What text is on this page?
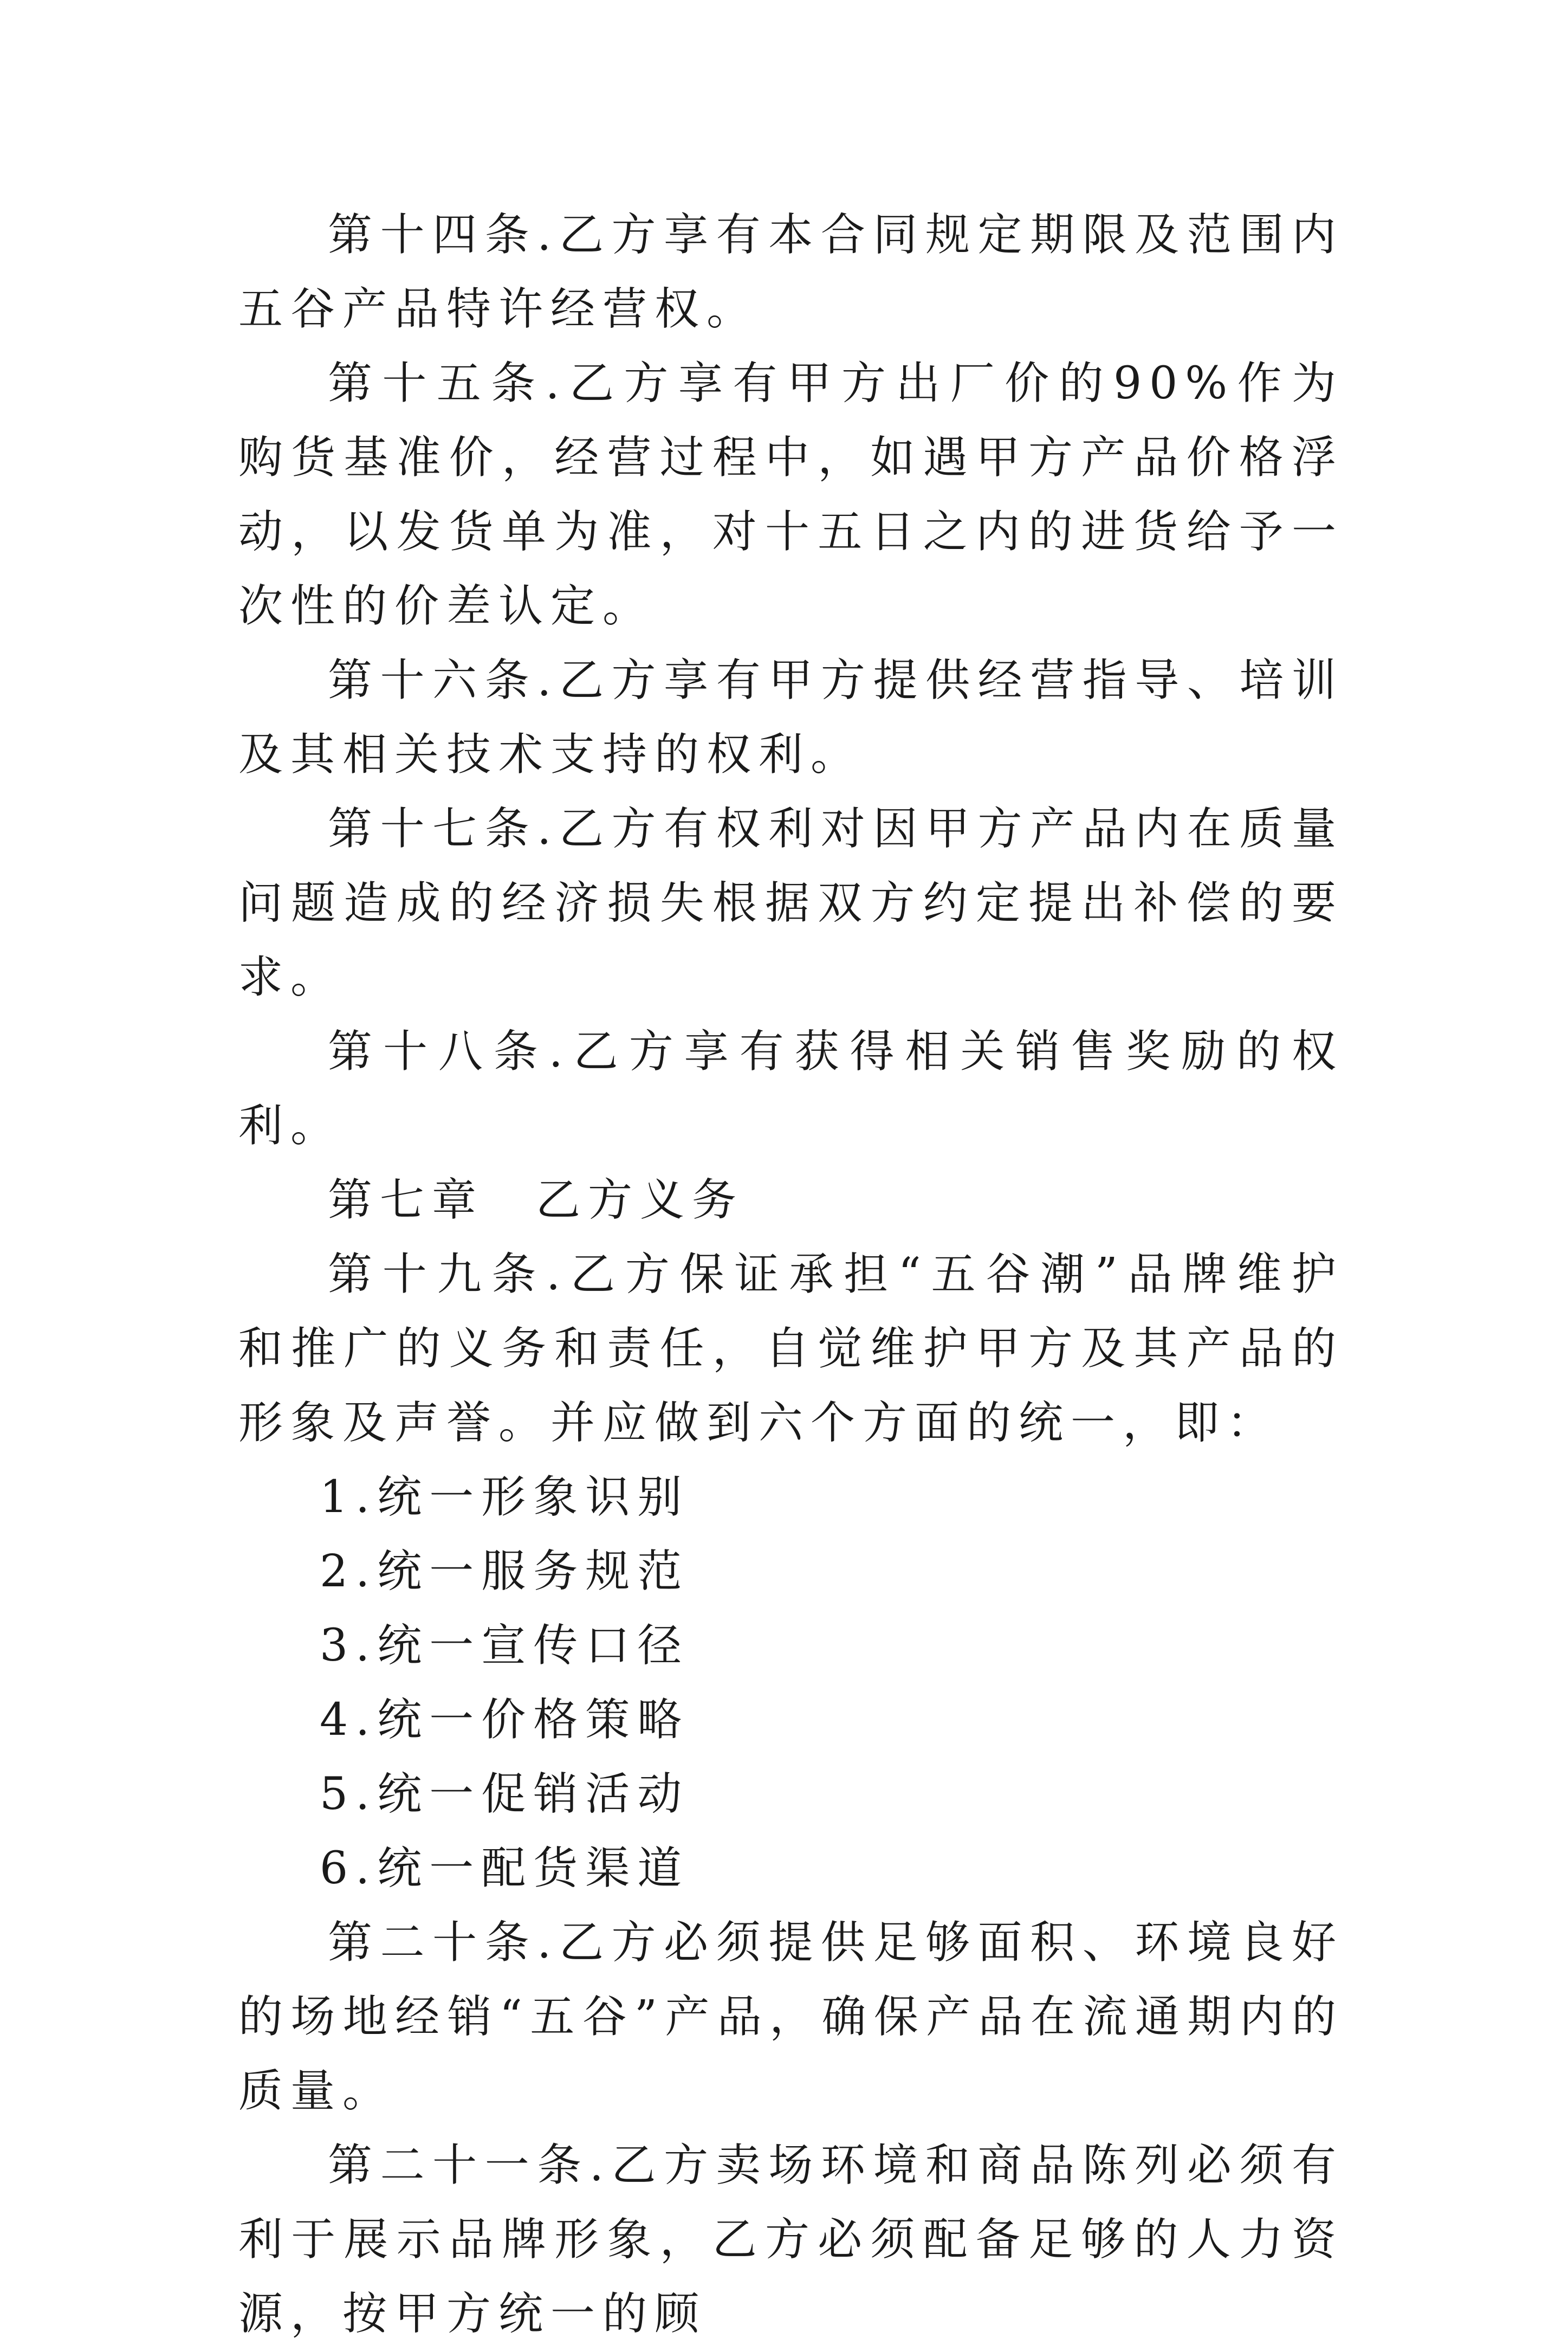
第十四条.乙方享有本合同规定期限及范围内五谷产品特许经营权。

第十五条.乙方享有甲方出厂价的90%作为购货基准价，经营过程中，如遇甲方产品价格浮动，以发货单为准，对十五日之内的进货给予一次性的价差认定。

第十六条.乙方享有甲方提供经营指导、培训及其相关技术支持的权利。

第十七条.乙方有权利对因甲方产品内在质量问题造成的经济损失根据双方约定提出补偿的要求。

第十八条.乙方享有获得相关销售奖励的权利。

第七章　乙方义务

第十九条.乙方保证承担“五谷潮”品牌维护和推广的义务和责任，自觉维护甲方及其产品的形象及声誉。并应做到六个方面的统一，即：

1.统一形象识别

2.统一服务规范

3.统一宣传口径

4.统一价格策略

5.统一促销活动

6.统一配货渠道

第二十条.乙方必须提供足够面积、环境良好的场地经销“五谷”产品，确保产品在流通期内的质量。

第二十一条.乙方卖场环境和商品陈列必须有利于展示品牌形象，乙方必须配备足够的人力资源，按甲方统一的顾
